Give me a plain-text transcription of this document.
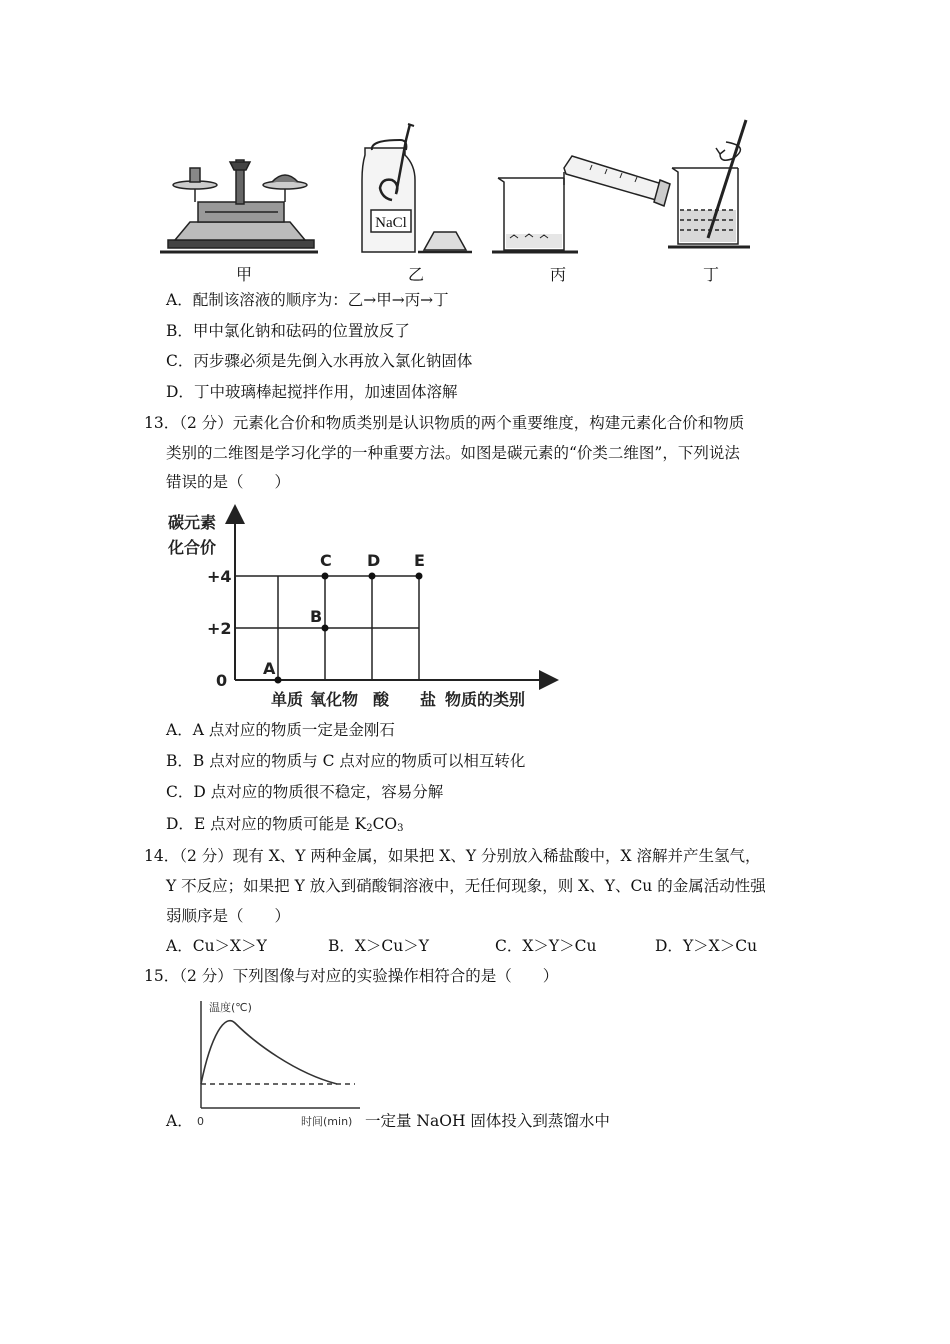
NaCl
甲	乙	丙	丁
A．配制该溶液的顺序为：乙→甲→丙→丁
B．甲中氯化钠和砝码的位置放反了
C．丙步骤必须是先倒入水再放入氯化钠固体
D．丁中玻璃棒起搅拌作用，加速固体溶解
13．（2 分）元素化合价和物质类别是认识物质的两个重要维度，构建元素化合价和物质
类别的二维图是学习化学的一种重要方法。如图是碳元素的“价类二维图”，下列说法
错误的是（　　）
0
+2
+4
单质 氧化物 酸 盐
A
B
C D E
碳元素
化合价
物质的类别
A．A 点对应的物质一定是金刚石
B．B 点对应的物质与 C 点对应的物质可以相互转化
C．D 点对应的物质很不稳定，容易分解
D．E 点对应的物质可能是 $K_2CO_3$
14．（2 分）现有 X、Y 两种金属，如果把 X、Y 分别放入稀盐酸中，X 溶解并产生氢气，
Y 不反应；如果把 Y 放入到硝酸铜溶液中，无任何现象，则 X、Y、Cu 的金属活动性强
弱顺序是（　　）
A．Cu＞X＞Y	B．X＞Cu＞Y	C．X＞Y＞Cu	D．Y＞X＞Cu
15．（2 分）下列图像与对应的实验操作相符合的是（　　）
温度(℃)
0	时间(min)
A．	一定量 NaOH 固体投入到蒸馏水中
